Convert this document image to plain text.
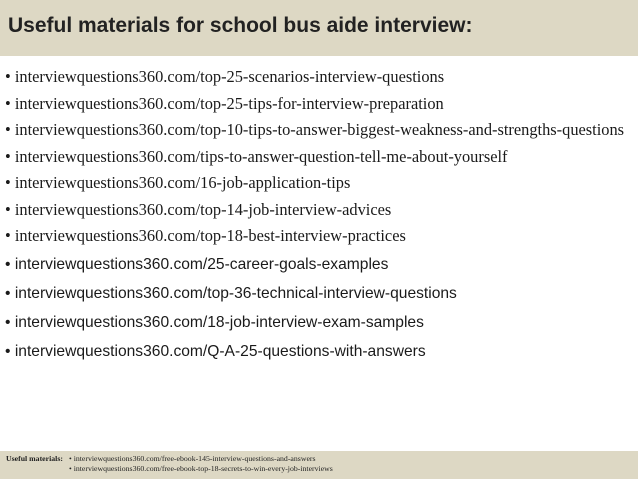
Useful materials for school bus aide interview:
• interviewquestions360.com/top-25-scenarios-interview-questions
• interviewquestions360.com/top-25-tips-for-interview-preparation
• interviewquestions360.com/top-10-tips-to-answer-biggest-weakness-and-strengths-questions
• interviewquestions360.com/tips-to-answer-question-tell-me-about-yourself
• interviewquestions360.com/16-job-application-tips
• interviewquestions360.com/top-14-job-interview-advices
• interviewquestions360.com/top-18-best-interview-practices
• interviewquestions360.com/25-career-goals-examples
• interviewquestions360.com/top-36-technical-interview-questions
• interviewquestions360.com/18-job-interview-exam-samples
• interviewquestions360.com/Q-A-25-questions-with-answers
Useful materials: •
interviewquestions360.com/free-ebook-145-interview-questions-and-answers
•
interviewquestions360.com/free-ebook-top-18-secrets-to-win-every-job-interviews
